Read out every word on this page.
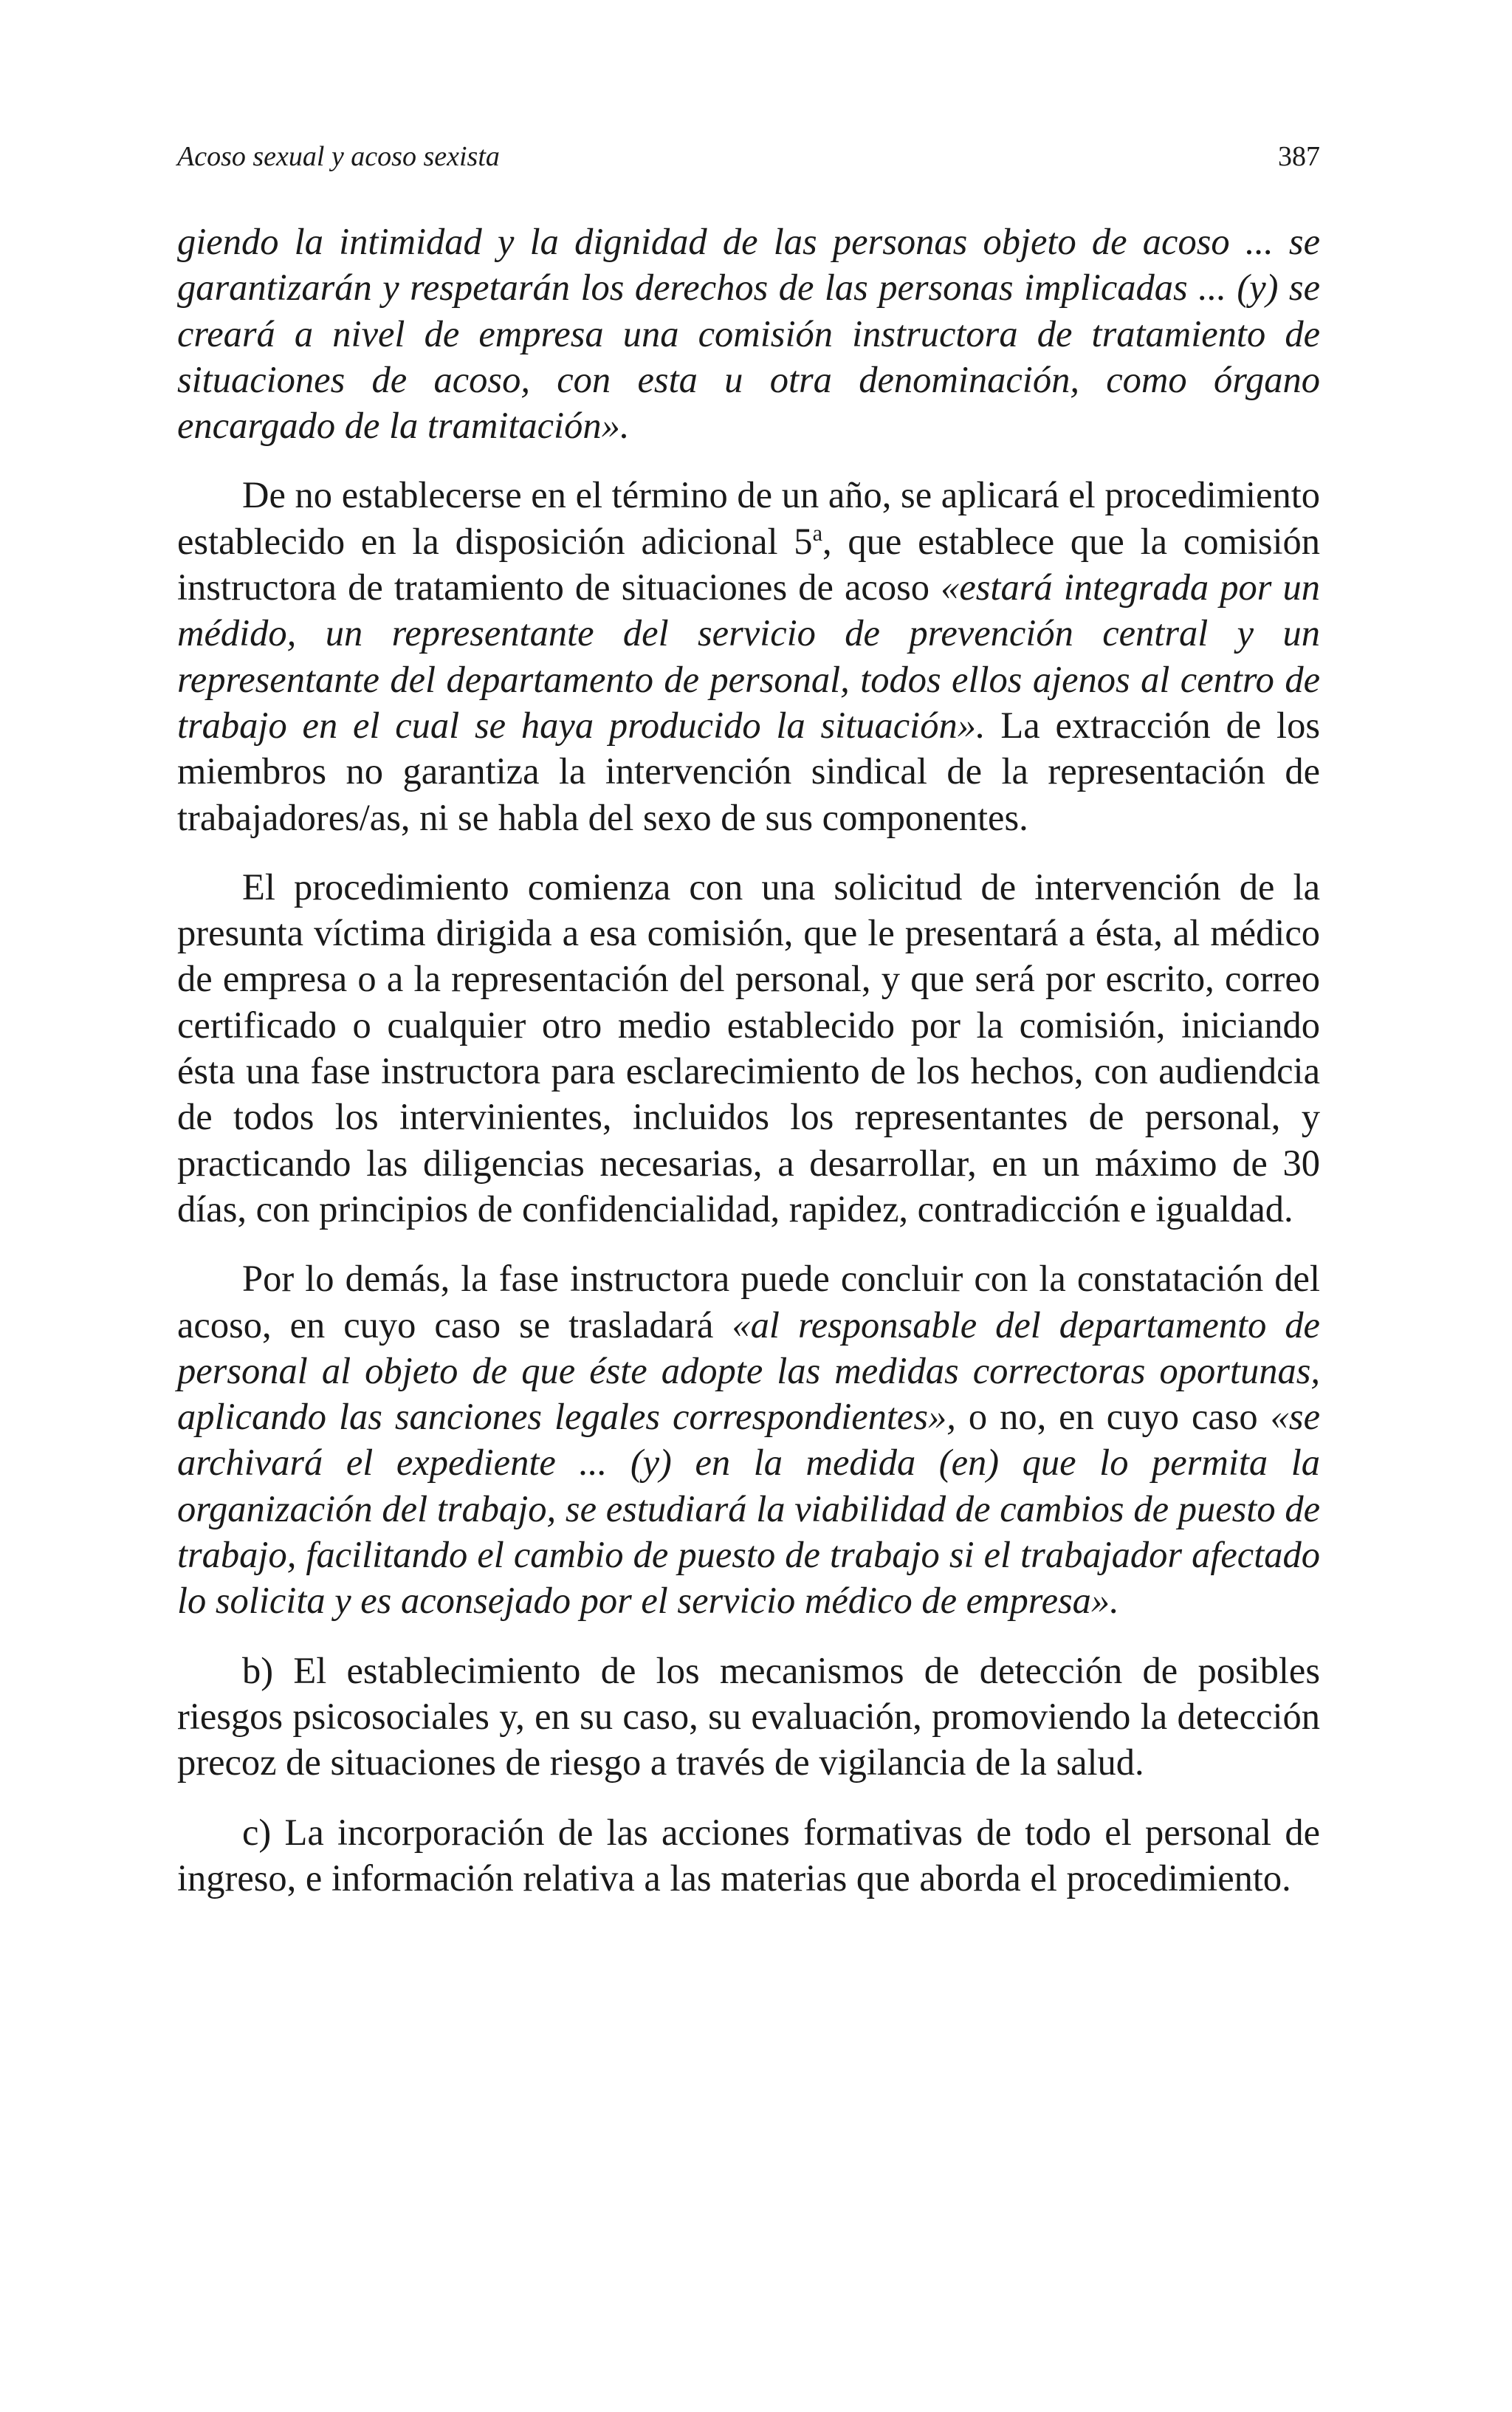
Acoso sexual y acoso sexista	387

giendo la intimidad y la dignidad de las personas objeto de acoso ... se garantizarán y respetarán los derechos de las personas implicadas ... (y) se creará a nivel de empresa una comisión instructora de tratamiento de situaciones de acoso, con esta u otra denominación, como órgano encargado de la tramitación».

De no establecerse en el término de un año, se aplicará el procedimiento establecido en la disposición adicional 5$^a$, que establece que la comisión instructora de tratamiento de situaciones de acoso «estará integrada por un médido, un representante del servicio de prevención central y un representante del departamento de personal, todos ellos ajenos al centro de trabajo en el cual se haya producido la situación». La extracción de los miembros no garantiza la intervención sindical de la representación de trabajadores/as, ni se habla del sexo de sus componentes.

El procedimiento comienza con una solicitud de intervención de la presunta víctima dirigida a esa comisión, que le presentará a ésta, al médico de empresa o a la representación del personal, y que será por escrito, correo certificado o cualquier otro medio establecido por la comisión, iniciando ésta una fase instructora para esclarecimiento de los hechos, con audiendcia de todos los intervinientes, incluidos los representantes de personal, y practicando las diligencias necesarias, a desarrollar, en un máximo de 30 días, con principios de confidencialidad, rapidez, contradicción e igualdad.

Por lo demás, la fase instructora puede concluir con la constatación del acoso, en cuyo caso se trasladará «al responsable del departamento de personal al objeto de que éste adopte las medidas correctoras oportunas, aplicando las sanciones legales correspondientes», o no, en cuyo caso «se archivará el expediente ... (y) en la medida (en) que lo permita la organización del trabajo, se estudiará la viabilidad de cambios de puesto de trabajo, facilitando el cambio de puesto de trabajo si el trabajador afectado lo solicita y es aconsejado por el servicio médico de empresa».

b) El establecimiento de los mecanismos de detección de posibles riesgos psicosociales y, en su caso, su evaluación, promoviendo la detección precoz de situaciones de riesgo a través de vigilancia de la salud.

c) La incorporación de las acciones formativas de todo el personal de ingreso, e información relativa a las materias que aborda el procedimiento.
